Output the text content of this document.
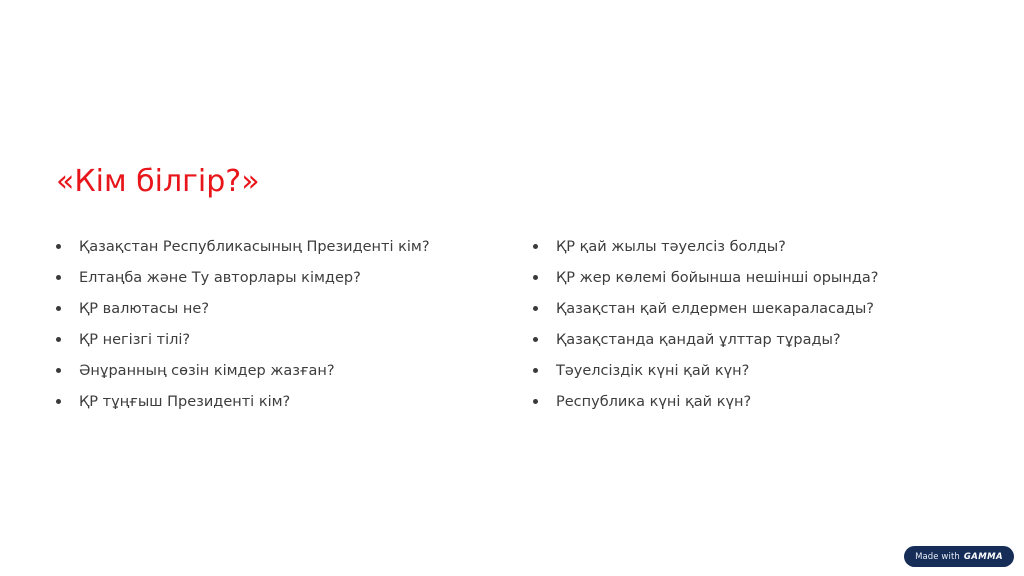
«Кім білгір?»
Қазақстан Республикасының Президенті кім?
Елтаңба және Ту авторлары кімдер?
ҚР валютасы не?
ҚР негізгі тілі?
Әнұранның сөзін кімдер жазған?
ҚР тұңғыш Президенті кім?
ҚР қай жылы тәуелсіз болды?
ҚР жер көлемі бойынша нешінші орында?
Қазақстан қай елдермен шекараласады?
Қазақстанда қандай ұлттар тұрады?
Тәуелсіздік күні қай күн?
Республика күні қай күн?
Made with GAMMA
